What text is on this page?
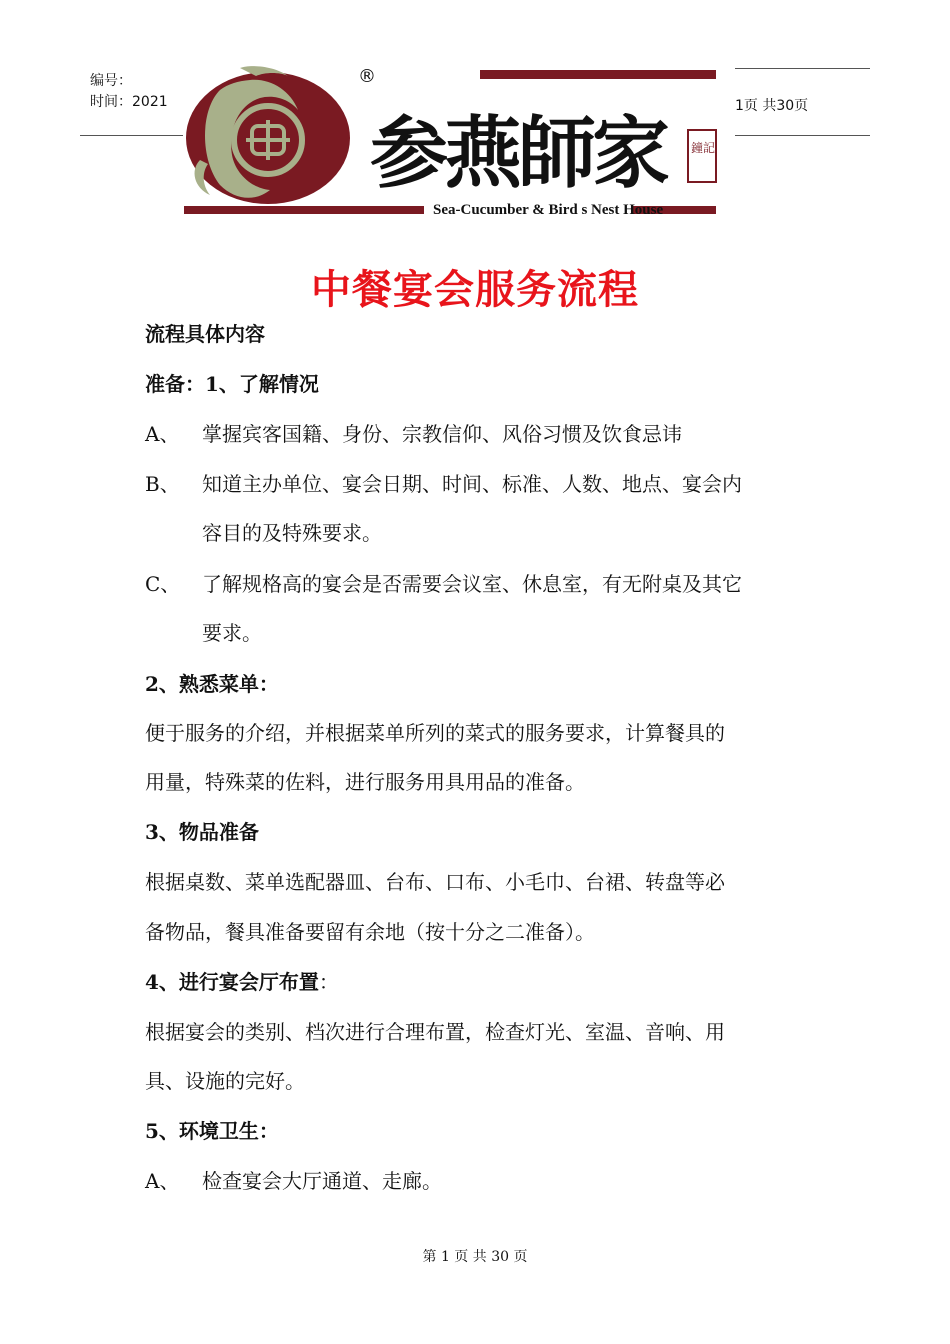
编号：
时间：2021	1页 共30页
®
参燕師家
Sea-Cucumber & Bird s Nest House
鐘記
中餐宴会服务流程
流程具体内容
准备：1、了解情况
A、 掌握宾客国籍、身份、宗教信仰、风俗习惯及饮食忌讳
B、 知道主办单位、宴会日期、时间、标准、人数、地点、宴会内
容目的及特殊要求。
C、 了解规格高的宴会是否需要会议室、休息室，有无附桌及其它
要求。
2、熟悉菜单：
便于服务的介绍，并根据菜单所列的菜式的服务要求，计算餐具的
用量，特殊菜的佐料，进行服务用具用品的准备。
3、物品准备
根据桌数、菜单选配器皿、台布、口布、小毛巾、台裙、转盘等必
备物品，餐具准备要留有余地（按十分之二准备）。
4、进行宴会厅布置：
根据宴会的类别、档次进行合理布置，检查灯光、室温、音响、用
具、设施的完好。
5、环境卫生：
A、 检查宴会大厅通道、走廊。
第 1 页 共 30 页
